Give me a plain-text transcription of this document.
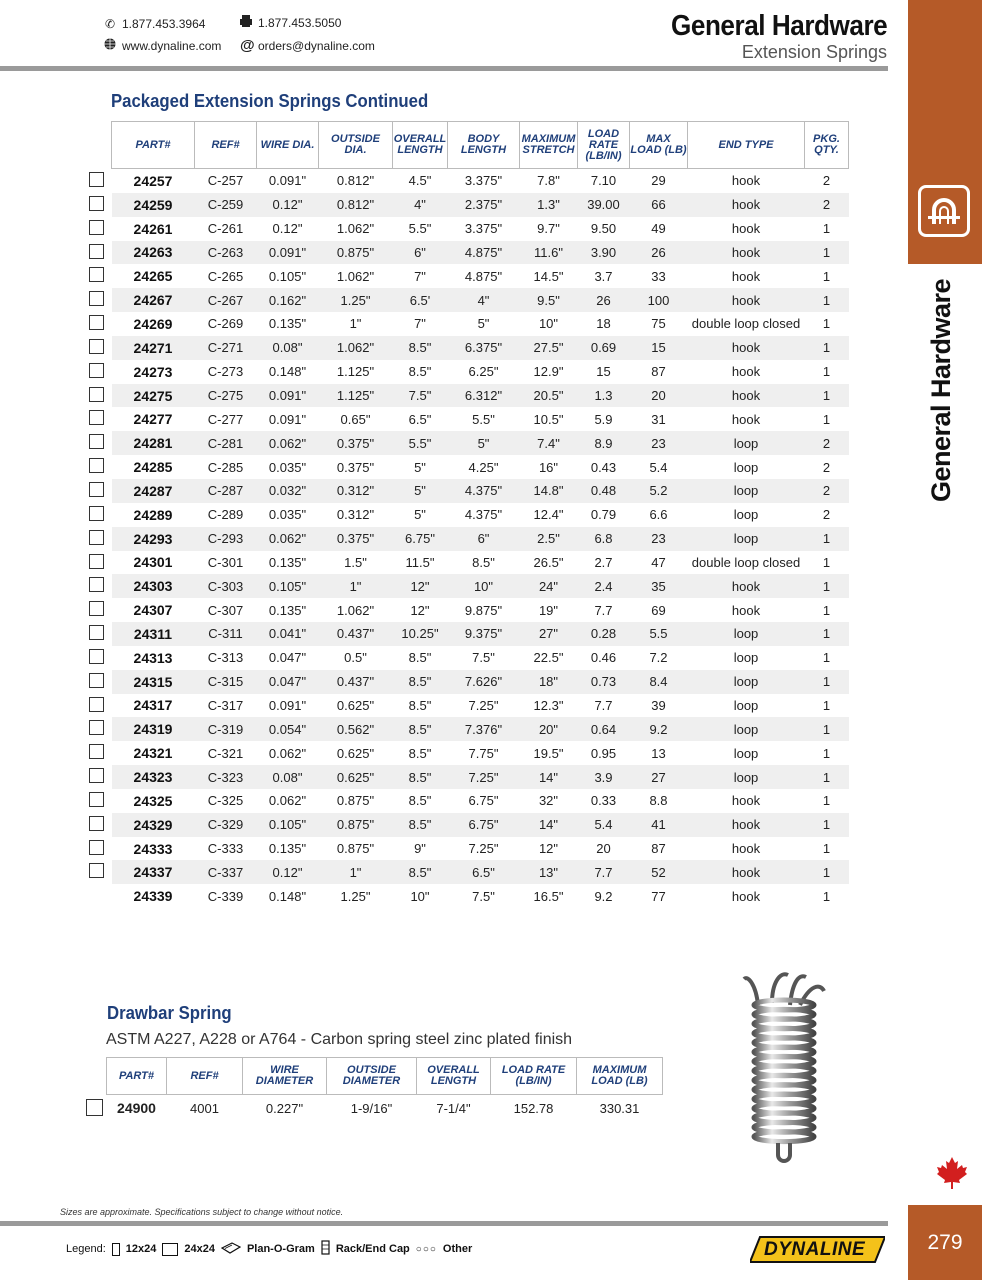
✆ 1.877.453.3964	1.877.453.5050
www.dynaline.com @ orders@dynaline.com
General Hardware
Extension Springs
General Hardware
279
Packaged Extension Springs Continued
PART#	REF#	WIRE DIA.	OUTSIDE DIA.	OVERALL LENGTH	BODY LENGTH	MAXIMUM STRETCH	LOAD RATE (LB/IN)	MAX LOAD (LB)	END TYPE	PKG. QTY.
24257	C-257	0.091"	0.812"	4.5"	3.375"	7.8"	7.10	29	hook	2
24259	C-259	0.12"	0.812"	4"	2.375"	1.3"	39.00	66	hook	2
24261	C-261	0.12"	1.062"	5.5"	3.375"	9.7"	9.50	49	hook	1
24263	C-263	0.091"	0.875"	6"	4.875"	11.6"	3.90	26	hook	1
24265	C-265	0.105"	1.062"	7"	4.875"	14.5"	3.7	33	hook	1
24267	C-267	0.162"	1.25"	6.5'	4"	9.5"	26	100	hook	1
24269	C-269	0.135"	1"	7"	5"	10"	18	75	double loop closed	1
24271	C-271	0.08"	1.062"	8.5"	6.375"	27.5"	0.69	15	hook	1
24273	C-273	0.148"	1.125"	8.5"	6.25"	12.9"	15	87	hook	1
24275	C-275	0.091"	1.125"	7.5"	6.312"	20.5"	1.3	20	hook	1
24277	C-277	0.091"	0.65"	6.5"	5.5"	10.5"	5.9	31	hook	1
24281	C-281	0.062"	0.375"	5.5"	5"	7.4"	8.9	23	loop	2
24285	C-285	0.035"	0.375"	5"	4.25"	16"	0.43	5.4	loop	2
24287	C-287	0.032"	0.312"	5"	4.375"	14.8"	0.48	5.2	loop	2
24289	C-289	0.035"	0.312"	5"	4.375"	12.4"	0.79	6.6	loop	2
24293	C-293	0.062"	0.375"	6.75"	6"	2.5"	6.8	23	loop	1
24301	C-301	0.135"	1.5"	11.5"	8.5"	26.5"	2.7	47	double loop closed	1
24303	C-303	0.105"	1"	12"	10"	24"	2.4	35	hook	1
24307	C-307	0.135"	1.062"	12"	9.875"	19"	7.7	69	hook	1
24311	C-311	0.041"	0.437"	10.25"	9.375"	27"	0.28	5.5	loop	1
24313	C-313	0.047"	0.5"	8.5"	7.5"	22.5"	0.46	7.2	loop	1
24315	C-315	0.047"	0.437"	8.5"	7.626"	18"	0.73	8.4	loop	1
24317	C-317	0.091"	0.625"	8.5"	7.25"	12.3"	7.7	39	loop	1
24319	C-319	0.054"	0.562"	8.5"	7.376"	20"	0.64	9.2	loop	1
24321	C-321	0.062"	0.625"	8.5"	7.75"	19.5"	0.95	13	loop	1
24323	C-323	0.08"	0.625"	8.5"	7.25"	14"	3.9	27	loop	1
24325	C-325	0.062"	0.875"	8.5"	6.75"	32"	0.33	8.8	hook	1
24329	C-329	0.105"	0.875"	8.5"	6.75"	14"	5.4	41	hook	1
24333	C-333	0.135"	0.875"	9"	7.25"	12"	20	87	hook	1
24337	C-337	0.12"	1"	8.5"	6.5"	13"	7.7	52	hook	1
24339	C-339	0.148"	1.25"	10"	7.5"	16.5"	9.2	77	hook	1
Drawbar Spring
ASTM A227, A228 or A764 - Carbon spring steel zinc plated finish
PART#	REF#	WIRE DIAMETER	OUTSIDE DIAMETER	OVERALL LENGTH	LOAD RATE (LB/IN)	MAXIMUM LOAD (LB)
24900	4001	0.227"	1-9/16"	7-1/4"	152.78	330.31
Sizes are approximate. Specifications subject to change without notice.
Legend: 12x24	24x24	Plan-O-Gram Rack/End Cap ○○○ Other	DYNALINE
